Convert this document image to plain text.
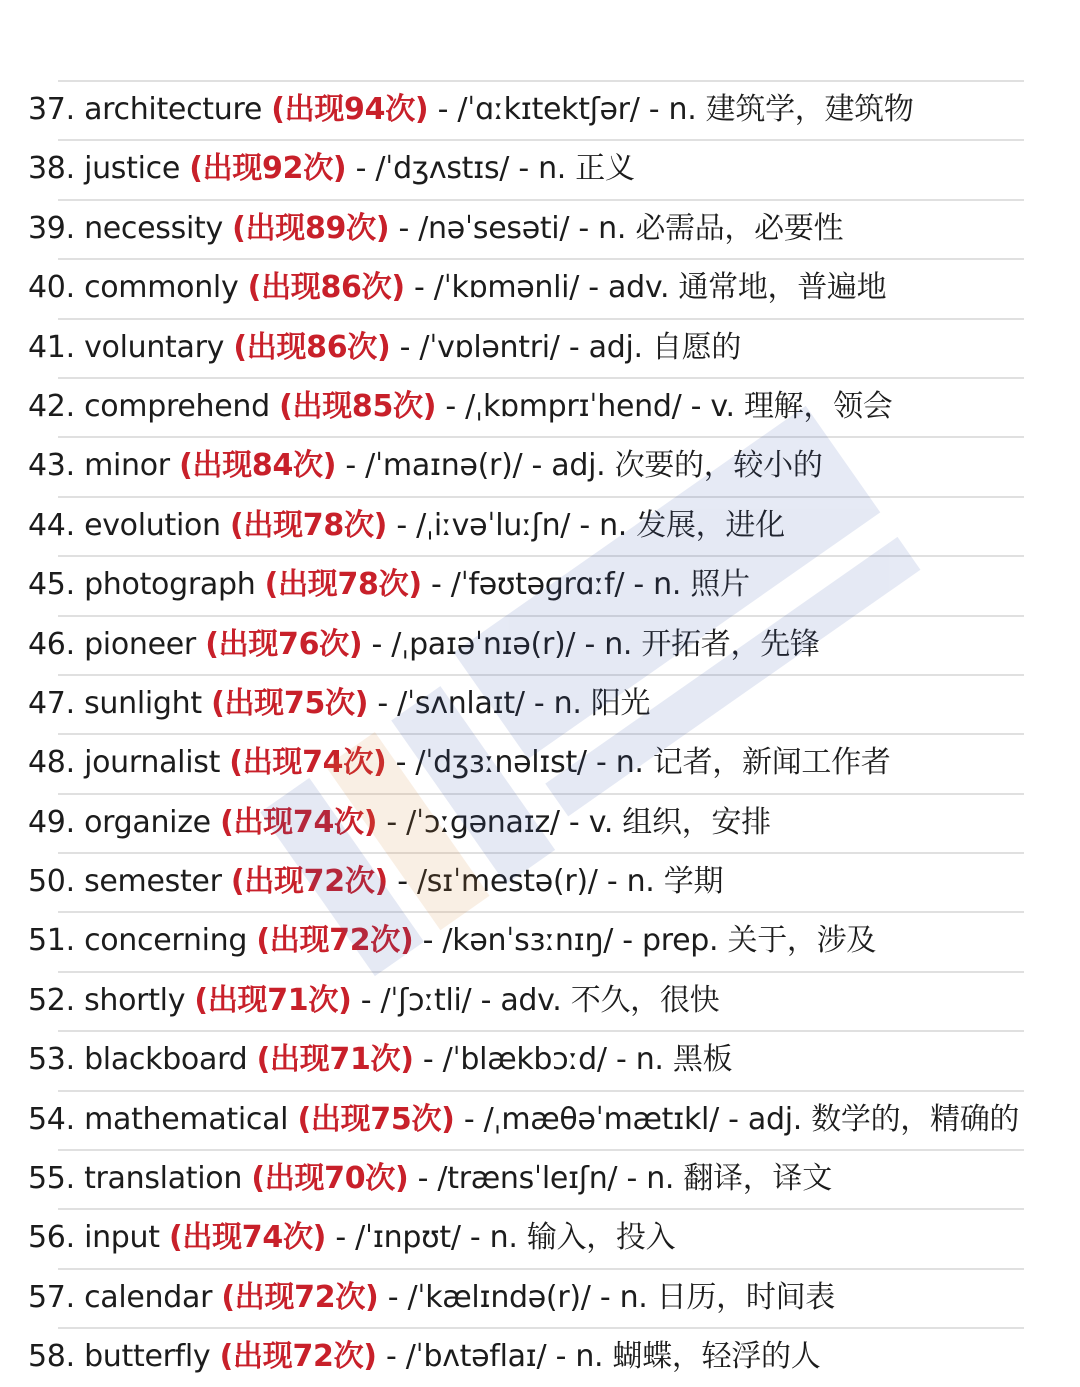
37. architecture (出现94次) - /ˈɑːkɪtektʃər/ - n. 建筑学，建筑物
38. justice (出现92次) - /ˈdʒʌstɪs/ - n. 正义
39. necessity (出现89次) - /nəˈsesəti/ - n. 必需品，必要性
40. commonly (出现86次) - /ˈkɒmənli/ - adv. 通常地，普遍地
41. voluntary (出现86次) - /ˈvɒləntri/ - adj. 自愿的
42. comprehend (出现85次) - /ˌkɒmprɪˈhend/ - v. 理解，领会
43. minor (出现84次) - /ˈmaɪnə(r)/ - adj. 次要的，较小的
44. evolution (出现78次) - /ˌiːvəˈluːʃn/ - n. 发展，进化
45. photograph (出现78次) - /ˈfəʊtəɡrɑːf/ - n. 照片
46. pioneer (出现76次) - /ˌpaɪəˈnɪə(r)/ - n. 开拓者，先锋
47. sunlight (出现75次) - /ˈsʌnlaɪt/ - n. 阳光
48. journalist (出现74次) - /ˈdʒɜːnəlɪst/ - n. 记者，新闻工作者
49. organize (出现74次) - /ˈɔːɡənaɪz/ - v. 组织，安排
50. semester (出现72次) - /sɪˈmestə(r)/ - n. 学期
51. concerning (出现72次) - /kənˈsɜːnɪŋ/ - prep. 关于，涉及
52. shortly (出现71次) - /ˈʃɔːtli/ - adv. 不久，很快
53. blackboard (出现71次) - /ˈblækbɔːd/ - n. 黑板
54. mathematical (出现75次) - /ˌmæθəˈmætɪkl/ - adj. 数学的，精确的
55. translation (出现70次) - /trænsˈleɪʃn/ - n. 翻译，译文
56. input (出现74次) - /ˈɪnpʊt/ - n. 输入，投入
57. calendar (出现72次) - /ˈkælɪndə(r)/ - n. 日历，时间表
58. butterfly (出现72次) - /ˈbʌtəflaɪ/ - n. 蝴蝶，轻浮的人
